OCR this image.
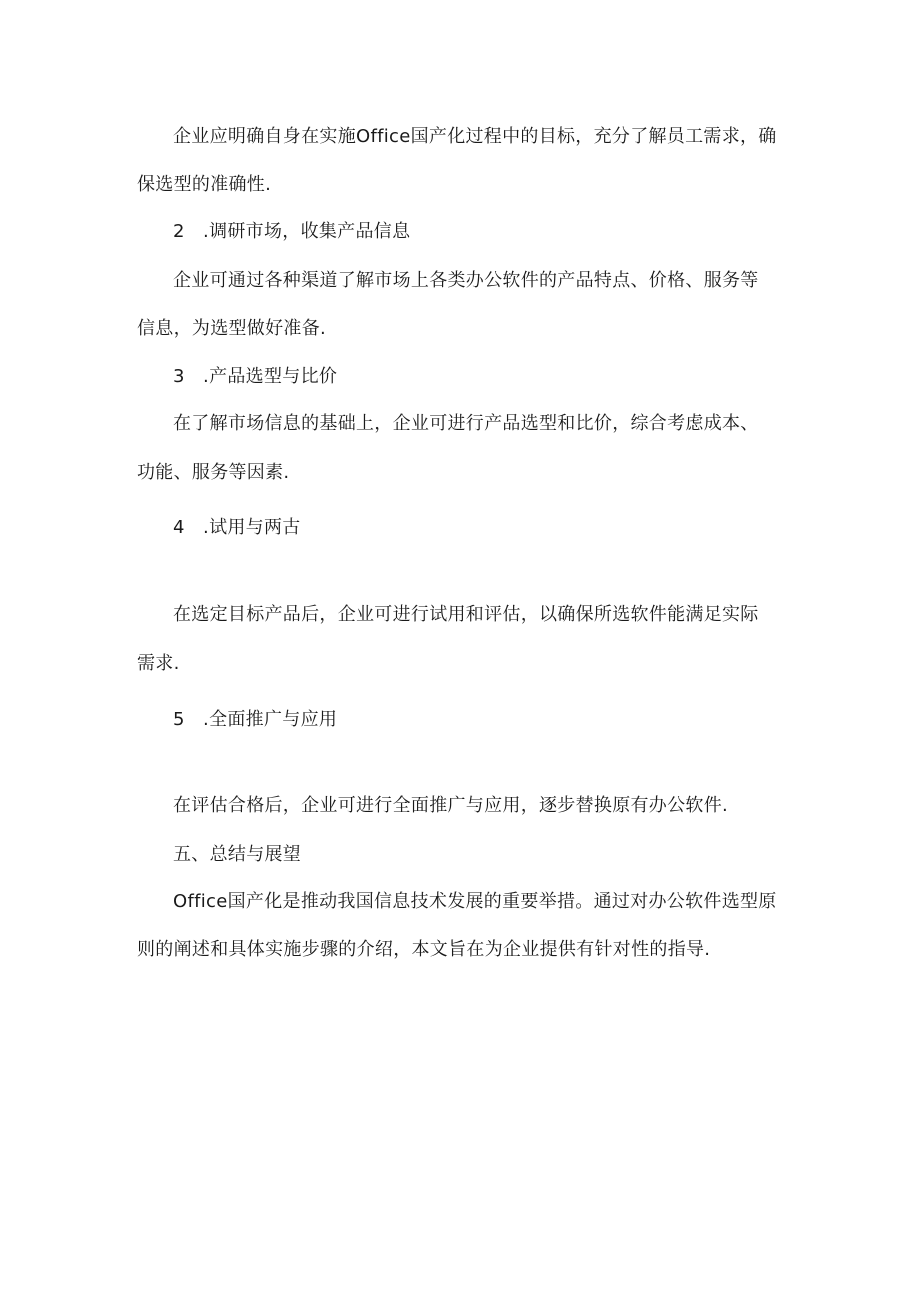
企业应明确自身在实施Office国产化过程中的目标，充分了解员工需求，确
保选型的准确性.
2　.调研市场，收集产品信息
企业可通过各种渠道了解市场上各类办公软件的产品特点、价格、服务等
信息，为选型做好准备.
3　.产品选型与比价
在了解市场信息的基础上，企业可进行产品选型和比价，综合考虑成本、
功能、服务等因素.
4　.试用与两古
在选定目标产品后，企业可进行试用和评估，以确保所选软件能满足实际
需求.
5　.全面推广与应用
在评估合格后，企业可进行全面推广与应用，逐步替换原有办公软件.
五、总结与展望
Office国产化是推动我国信息技术发展的重要举措。通过对办公软件选型原
则的阐述和具体实施步骤的介绍，本文旨在为企业提供有针对性的指导.
